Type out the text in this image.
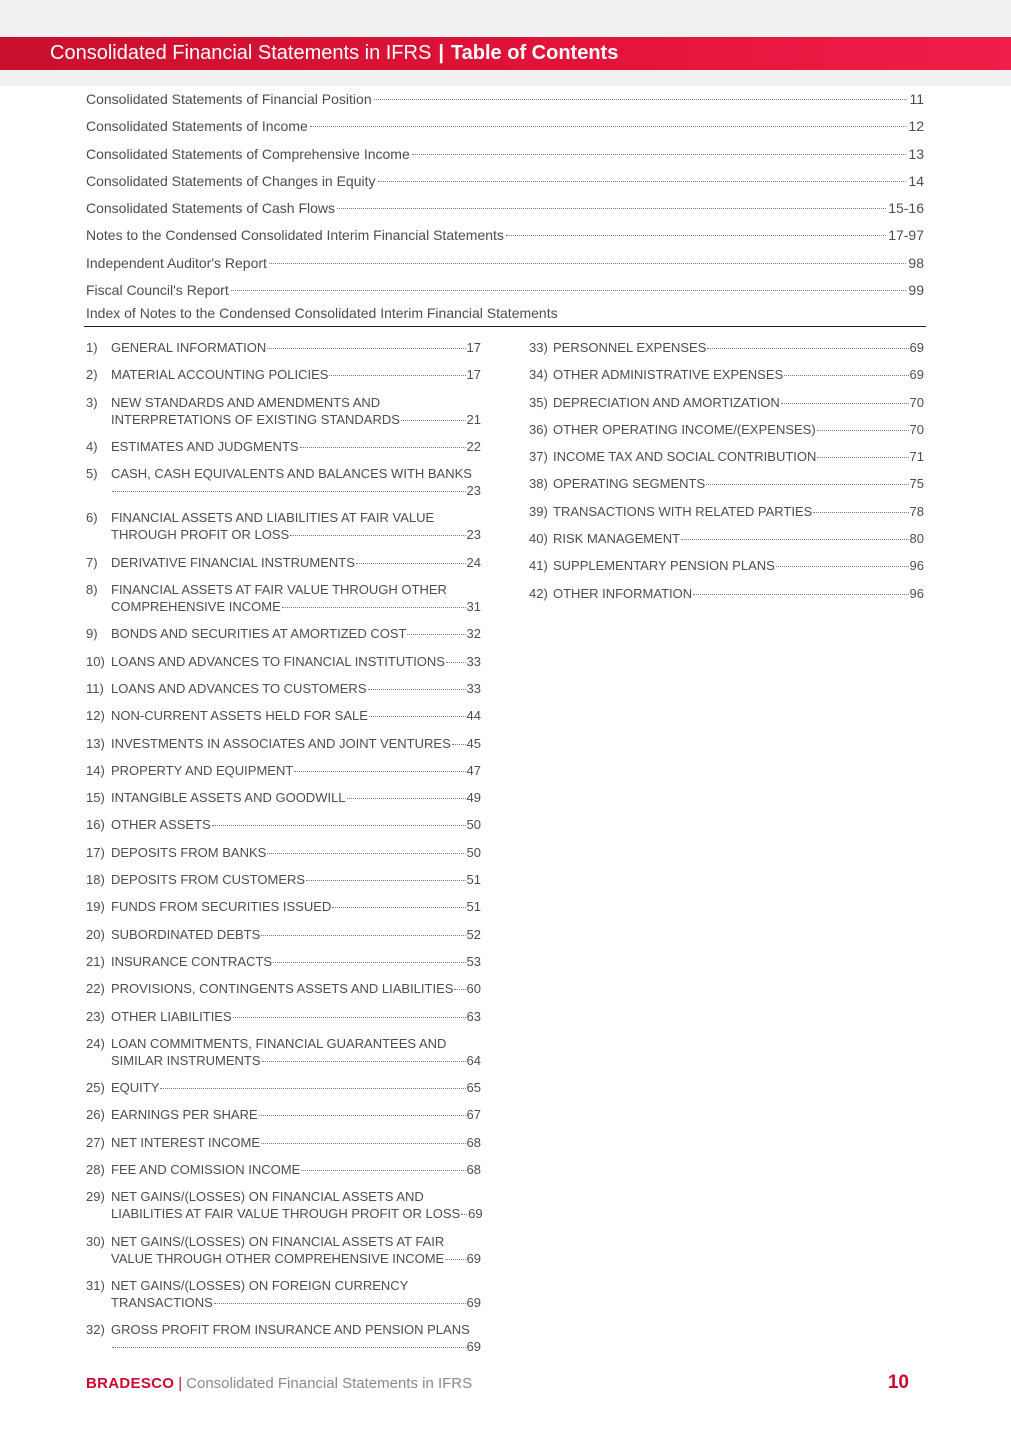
Consolidated Financial Statements in IFRS | Table of Contents
Consolidated Statements of Financial Position	11
Consolidated Statements of Income	12
Consolidated Statements of Comprehensive Income	13
Consolidated Statements of Changes in Equity	14
Consolidated Statements of Cash Flows	15-16
Notes to the Condensed Consolidated Interim Financial Statements	17-97
Independent Auditor's Report	98
Fiscal Council's Report	99
Index of Notes to the Condensed Consolidated Interim Financial Statements
1)	GENERAL INFORMATION	17
2)	MATERIAL ACCOUNTING POLICIES	17
3)	NEW STANDARDS AND AMENDMENTS AND
INTERPRETATIONS OF EXISTING STANDARDS	21
4)	ESTIMATES AND JUDGMENTS	22
5)	CASH, CASH EQUIVALENTS AND BALANCES WITH BANKS
23
6)	FINANCIAL ASSETS AND LIABILITIES AT FAIR VALUE
THROUGH PROFIT OR LOSS	23
7)	DERIVATIVE FINANCIAL INSTRUMENTS	24
8)	FINANCIAL ASSETS AT FAIR VALUE THROUGH OTHER
COMPREHENSIVE INCOME	31
9)	BONDS AND SECURITIES AT AMORTIZED COST	32
10) LOANS AND ADVANCES TO FINANCIAL INSTITUTIONS 33
11) LOANS AND ADVANCES TO CUSTOMERS	33
12) NON-CURRENT ASSETS HELD FOR SALE	44
13) INVESTMENTS IN ASSOCIATES AND JOINT VENTURES 45
14) PROPERTY AND EQUIPMENT	47
15) INTANGIBLE ASSETS AND GOODWILL	49
16) OTHER ASSETS	50
17) DEPOSITS FROM BANKS	50
18) DEPOSITS FROM CUSTOMERS	51
19) FUNDS FROM SECURITIES ISSUED	51
20) SUBORDINATED DEBTS	52
21) INSURANCE CONTRACTS	53
22) PROVISIONS, CONTINGENTS ASSETS AND LIABILITIES 60
23) OTHER LIABILITIES	63
24) LOAN COMMITMENTS, FINANCIAL GUARANTEES AND
SIMILAR INSTRUMENTS	64
25) EQUITY	65
26) EARNINGS PER SHARE	67
27) NET INTEREST INCOME	68
28) FEE AND COMISSION INCOME	68
29) NET GAINS/(LOSSES) ON FINANCIAL ASSETS AND
LIABILITIES AT FAIR VALUE THROUGH PROFIT OR LOSS 69
30) NET GAINS/(LOSSES) ON FINANCIAL ASSETS AT FAIR
VALUE THROUGH OTHER COMPREHENSIVE INCOME 69
31) NET GAINS/(LOSSES) ON FOREIGN CURRENCY
TRANSACTIONS	69
32) GROSS PROFIT FROM INSURANCE AND PENSION PLANS
69
33) PERSONNEL EXPENSES	69
34) OTHER ADMINISTRATIVE EXPENSES	69
35) DEPRECIATION AND AMORTIZATION	70
36) OTHER OPERATING INCOME/(EXPENSES)	70
37) INCOME TAX AND SOCIAL CONTRIBUTION	71
38) OPERATING SEGMENTS	75
39) TRANSACTIONS WITH RELATED PARTIES	78
40) RISK MANAGEMENT	80
41) SUPPLEMENTARY PENSION PLANS	96
42) OTHER INFORMATION	96
BRADESCO | Consolidated Financial Statements in IFRS	10
